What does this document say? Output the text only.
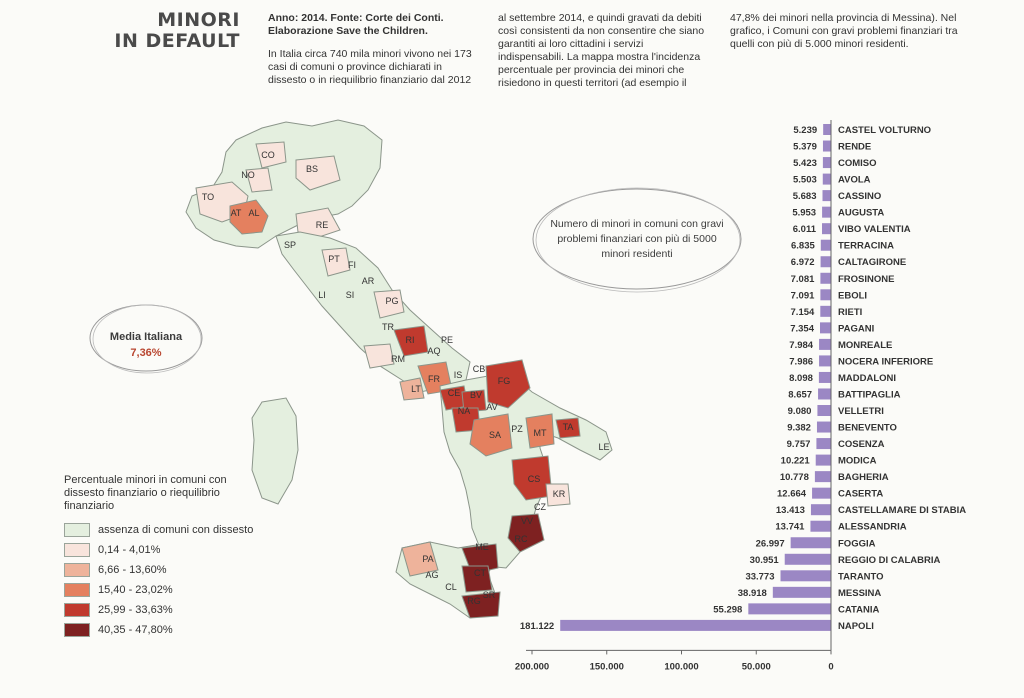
MINORI
IN DEFAULT
Anno: 2014. Fonte: Corte dei Conti. Elaborazione Save the Children.
In Italia circa 740 mila minori vivono nei 173 casi di comuni o province dichiarati in dissesto o in riequilibrio finanziario dal 2012
al settembre 2014, e quindi gravati da debiti così consistenti da non consentire che siano garantiti ai loro cittadini i servizi indispensabili. La mappa mostra l'incidenza percentuale per provincia dei minori che risiedono in questi territori (ad esempio il
47,8% dei minori nella provincia di Messina). Nel grafico, i Comuni con gravi problemi finanziari tra quelli con più di 5.000 minori residenti.
CO
NO
BS
TO
AT AL
RE
SP
PT
FI
AR
LI SI
PG
TR
RI	PE
AQ
RM
CB
FR IS
FG
LT	CE BV
NA AV
SA
PZ MT
TA
LE
CS
KR
CZ
VV
RC
ME
PA
AG	CT
CL
RG
SR
Media Italiana
7,36%
Numero di minori in comuni con gravi problemi finanziari con più di 5000 minori residenti
Percentuale minori in comuni con dissesto finanziario o riequilibrio finanziario
assenza di comuni con dissesto
0,14 - 4,01%
6,66 - 13,60%
15,40 - 23,02%
25,99 - 33,63%
40,35 - 47,80%
5.239 CASTEL VOLTURNO
5.379 RENDE
5.423 COMISO
5.503 AVOLA
5.683 CASSINO
5.953 AUGUSTA
6.011 VIBO VALENTIA
6.835 TERRACINA
6.972 CALTAGIRONE
7.081 FROSINONE
7.091 EBOLI
7.154 RIETI
7.354	PAGANI
7.984	MONREALE
7.986	NOCERA INFERIORE
8.098	MADDALONI
8.657	BATTIPAGLIA
9.080	VELLETRI
9.382	BENEVENTO
9.757	COSENZA
10.221	MODICA
10.778	BAGHERIA
12.664	CASERTA
13.413	CASTELLAMARE DI STABIA
13.741	ALESSANDRIA
26.997	FOGGIA
30.951	REGGIO DI CALABRIA
33.773	TARANTO
38.918	MESSINA
55.298	CATANIA
181.122	NAPOLI
200.000	150.000	100.000	50.000	0
